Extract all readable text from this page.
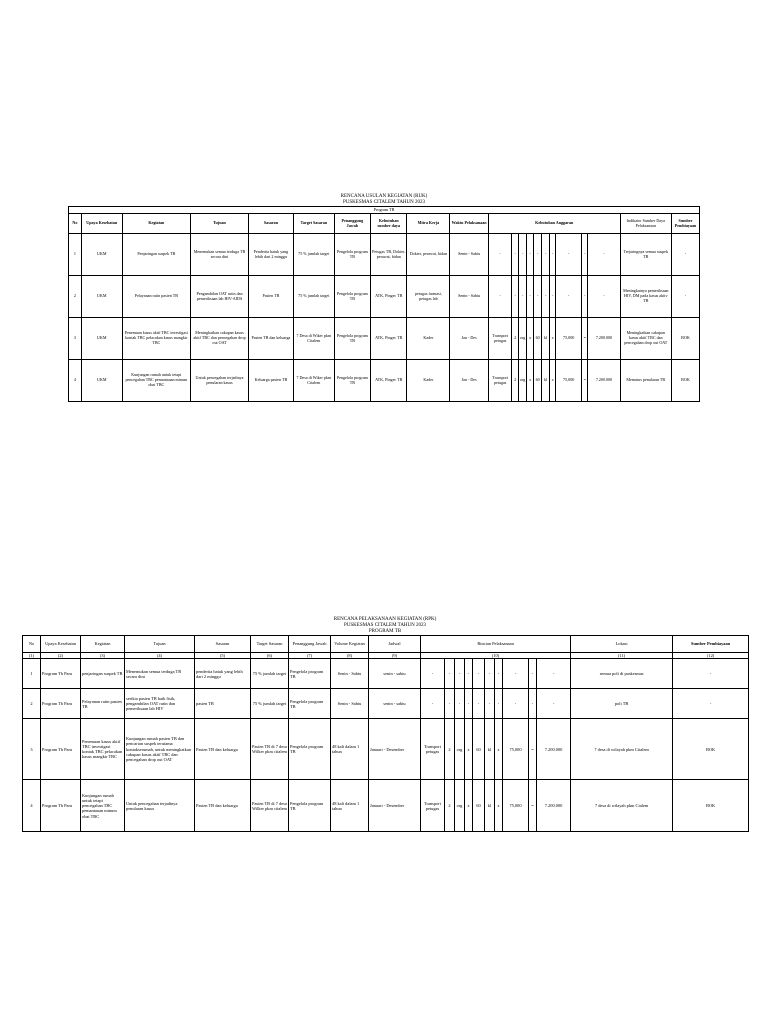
RENCANA USULAN KEGIATAN (RUK)
PUSKESMAS CITALEM TAHUN 2023
Program TB																					
No	Upaya Kesehatan	Kegiatan	Tujuan	Sasaran	Target Sasaran	Penanggung Jawab	Kebutuhan sumber daya	Mitra Kerja	Waktu Pelaksanaan	Kebutuhan Anggaran										Indikator Sumber Daya Pelaksanaan	Sumber Pembiayaan
1	UKM	Penjaringan suspek TB	Menemukan semua terduga TB secara dini	Penderita batuk yang lebih dari 2 minggu	75 % jumlah target	Pengelola program TB	Petugas TB, Dokter, perawat, bidan	Dokter, perawat, bidan	Senin - Sabtu	-	-	-	-	-	-	-	-	-	-	Terjaringnya semua suspek TB	-
2	UKM	Pelayanan rutin pasien TB	Pengambilan OAT rutin dan pemeriksaan lab HIV-AIDS	Pasien TB	75 % jumlah target	Pengelola program TB	ATK, Pingec TB	petugas farmasi, petugas lab	Senin - Sabtu	-	-	-	-	-	-	-	-	-	-	Meningkatnya pemeriksaan HIV, DM pada kasus aktiv TB	-
3	UKM	Penemuan kasus aktif TBC investigasi kontak TBC pelacakan kasus mangkir TBC	Meningkatkan cakupan kasus aktif TBC dan pencegahan drop out OAT	Pasien TB dan keluarga	7 Desa di Wiker pkm Citalem	Pengelola program TB	ATK, Pingec TB	Kader	Jan - Des	Transport petugas	2	org	x	60	kl	x	75,000	=	7.200.000	Meningkatkan cakupan kasus aktif TBC dan pencegahan drop out OAT	BOK
4	UKM	Kunjungan rumah untuk tetapi pencegahan TBC pemantauan minum obat TBC	Untuk pencegahan terjadinya penularan kasus	Keluarga pasien TB	7 Desa di Wiker pkm Citalem	Pengelola program TB	ATK, Pingec TB	Kader	Jan - Des	Transport petugas	2	org	x	60	kl	x	75,000	=	7.200.000	Memutus penularan TB	BOK
RENCANA PELAKSANAAN KEGIATAN (RPK)
PUSKESMAS CITALEM TAHUN 2023
PROGRAM TB
No	Upaya Kesehatan	Kegiatan	Tujuan	Sasaran	Target Sasaran	Penanggung Jawab	Volume Kegiatan	Jadwal	Rincian Pelaksanaan										Lokasi	Sumber Pembiayaan
(1)	(2)	(3)	(4)	(5)	(6)	(7)	(8)	(9)	(10)										(11)	(12)
1	Program Tb Paru	penjaringan suspek TB	Menemukan semua terduga TB secara dini	penderita batuk yang lebih dari 2 minggu	75 % jumlah target	Pengelola program TB	Senin - Sabtu	senin - sabtu	-	-	-	-	-	-	-	-	-	-	semua poli di puskesmas	-
2	Program Tb Paru	Pelayanan rutin pasien TB	serikia pasien TB baik fisik, pengambilan OAT rutin dan pemeriksaan lab HIV	pasien TB	75 % jumlah target	Pengelola program TB	Senin - Sabtu	senin - sabtu	-	-	-	-	-	-	-	-	-	-	poli TB	-
3	Program Tb Paru	Penemuan kasus aktif TBC investigasi kontak TBC pelacakan kasus mangkir TBC	Kunjungan rumah pasien TB dan pencarian suspek terutama kontakserumah, untuk meningkatkan cakupan kasus aktif TBC dan pencegahan drop out OAT	Pasien TB dan keluarga	Pasien TB di 7 desa Wilker pkm citalem	Pengelola program TB	48 kali dalam 1 tahun	Januari - Desember	Transport petugas	2	org	x	60	kl	x	75,000	=	7.200.000	7 desa di wilayah pkm Citalem	BOK
4	Program Tb Paru	Kunjungan rumah untuk tetapi pencegahan TBC pemantauan minum obat TBC	Untuk pencegahan terjadinya penularan kasus	Pasien TB dan keluarga	Pasien TB di 7 desa Wilker pkm citalem	Pengelola program TB	48 kali dalam 1 tahun	Januari - Desember	Transport petugas	2	org	x	60	kl	x	75,000	=	7.200.000	7 desa di wilayah pkm Cialem	BOK
